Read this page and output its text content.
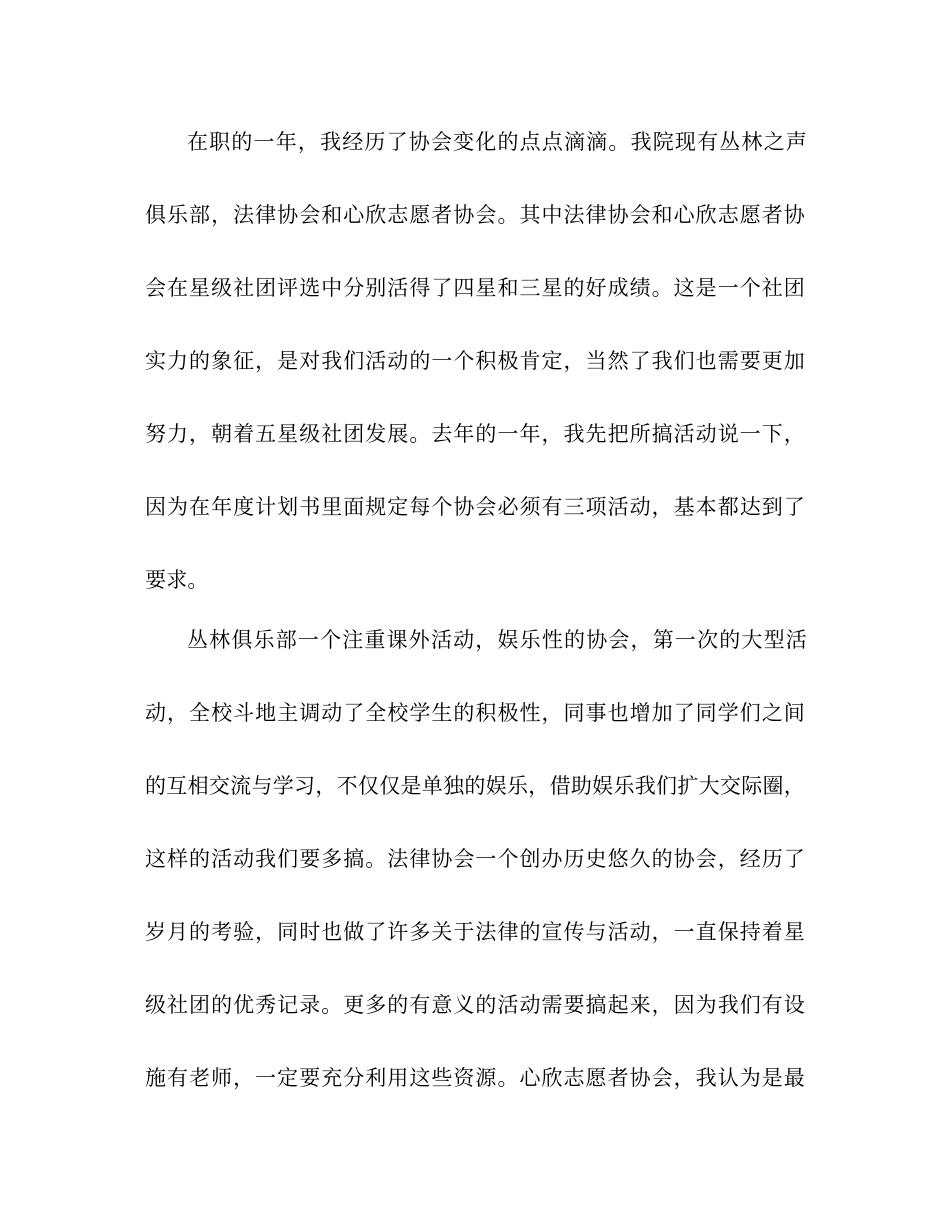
在职的一年，我经历了协会变化的点点滴滴。我院现有丛林之声
俱乐部，法律协会和心欣志愿者协会。其中法律协会和心欣志愿者协
会在星级社团评选中分别活得了四星和三星的好成绩。这是一个社团
实力的象征，是对我们活动的一个积极肯定，当然了我们也需要更加
努力，朝着五星级社团发展。去年的一年，我先把所搞活动说一下，
因为在年度计划书里面规定每个协会必须有三项活动，基本都达到了
要求。
丛林俱乐部一个注重课外活动，娱乐性的协会，第一次的大型活
动，全校斗地主调动了全校学生的积极性，同事也增加了同学们之间
的互相交流与学习，不仅仅是单独的娱乐，借助娱乐我们扩大交际圈，
这样的活动我们要多搞。法律协会一个创办历史悠久的协会，经历了
岁月的考验，同时也做了许多关于法律的宣传与活动，一直保持着星
级社团的优秀记录。更多的有意义的活动需要搞起来，因为我们有设
施有老师，一定要充分利用这些资源。心欣志愿者协会，我认为是最
